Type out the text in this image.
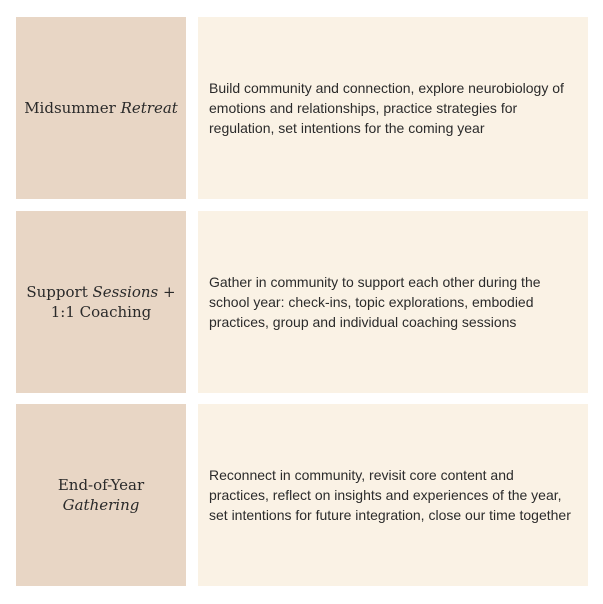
Midsummer Retreat
Build community and connection, explore neurobiology of emotions and relationships, practice strategies for regulation, set intentions for the coming year
Support Sessions +
1:1 Coaching
Gather in community to support each other during the school year: check-ins, topic explorations, embodied practices, group and individual coaching sessions
End-of-Year
Gathering
Reconnect in community, revisit core content and practices, reflect on insights and experiences of the year, set intentions for future integration, close our time together
